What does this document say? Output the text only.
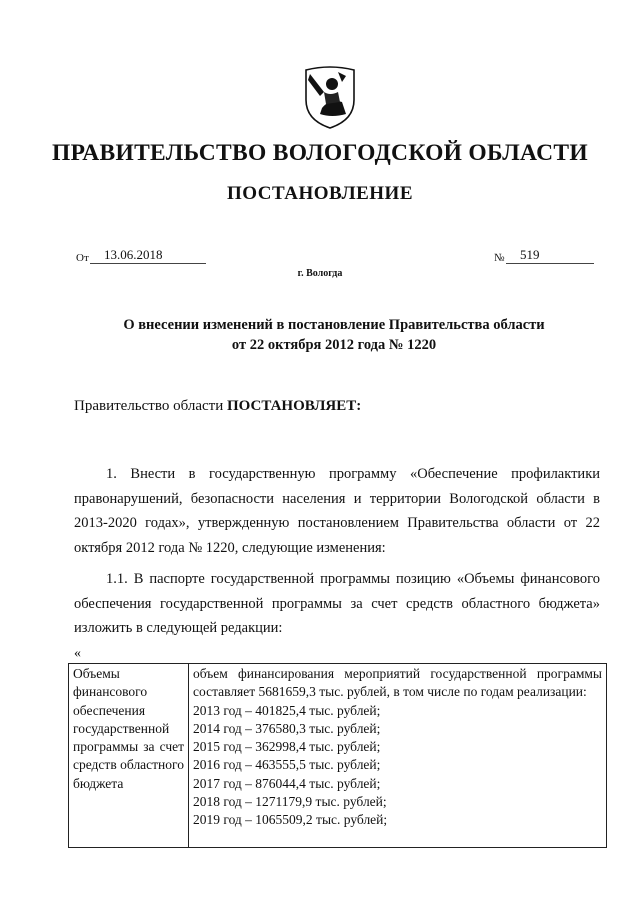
ПРАВИТЕЛЬСТВО ВОЛОГОДСКОЙ ОБЛАСТИ
ПОСТАНОВЛЕНИЕ
От	13.06.2018	№	519
г. Вологда
О внесении изменений в постановление Правительства области
от 22 октября 2012 года № 1220
Правительство области ПОСТАНОВЛЯЕТ:
1. Внести в государственную программу «Обеспечение профилактики правонарушений, безопасности населения и территории Вологодской области в 2013-2020 годах», утвержденную постановлением Правительства области от 22 октября 2012 года № 1220, следующие изменения:
1.1. В паспорте государственной программы позицию «Объемы финансового обеспечения государственной программы за счет средств областного бюджета» изложить в следующей редакции:
«
Объемы финансового обеспечения государственной программы за счет средств областного бюджета	
объем финансирования мероприятий государственной программы составляет 5681659,3 тыс. рублей, в том числе по годам реализации:
2013 год – 401825,4 тыс. рублей;
2014 год – 376580,3 тыс. рублей;
2015 год – 362998,4 тыс. рублей;
2016 год – 463555,5 тыс. рублей;
2017 год – 876044,4 тыс. рублей;
2018 год – 1271179,9 тыс. рублей;
2019 год – 1065509,2 тыс. рублей;
